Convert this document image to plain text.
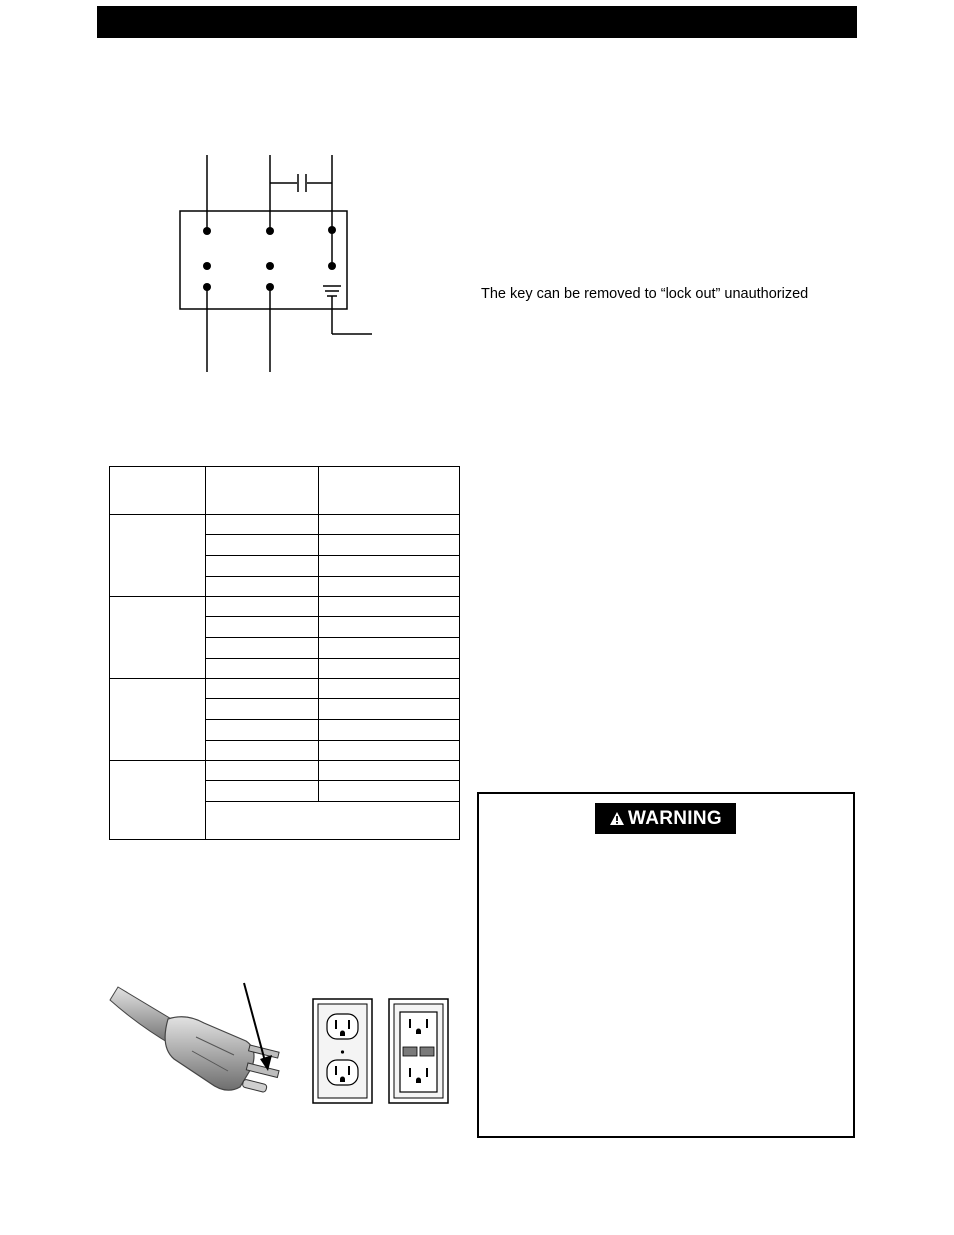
The key can be removed to “lock out” unauthorized

WARNING
